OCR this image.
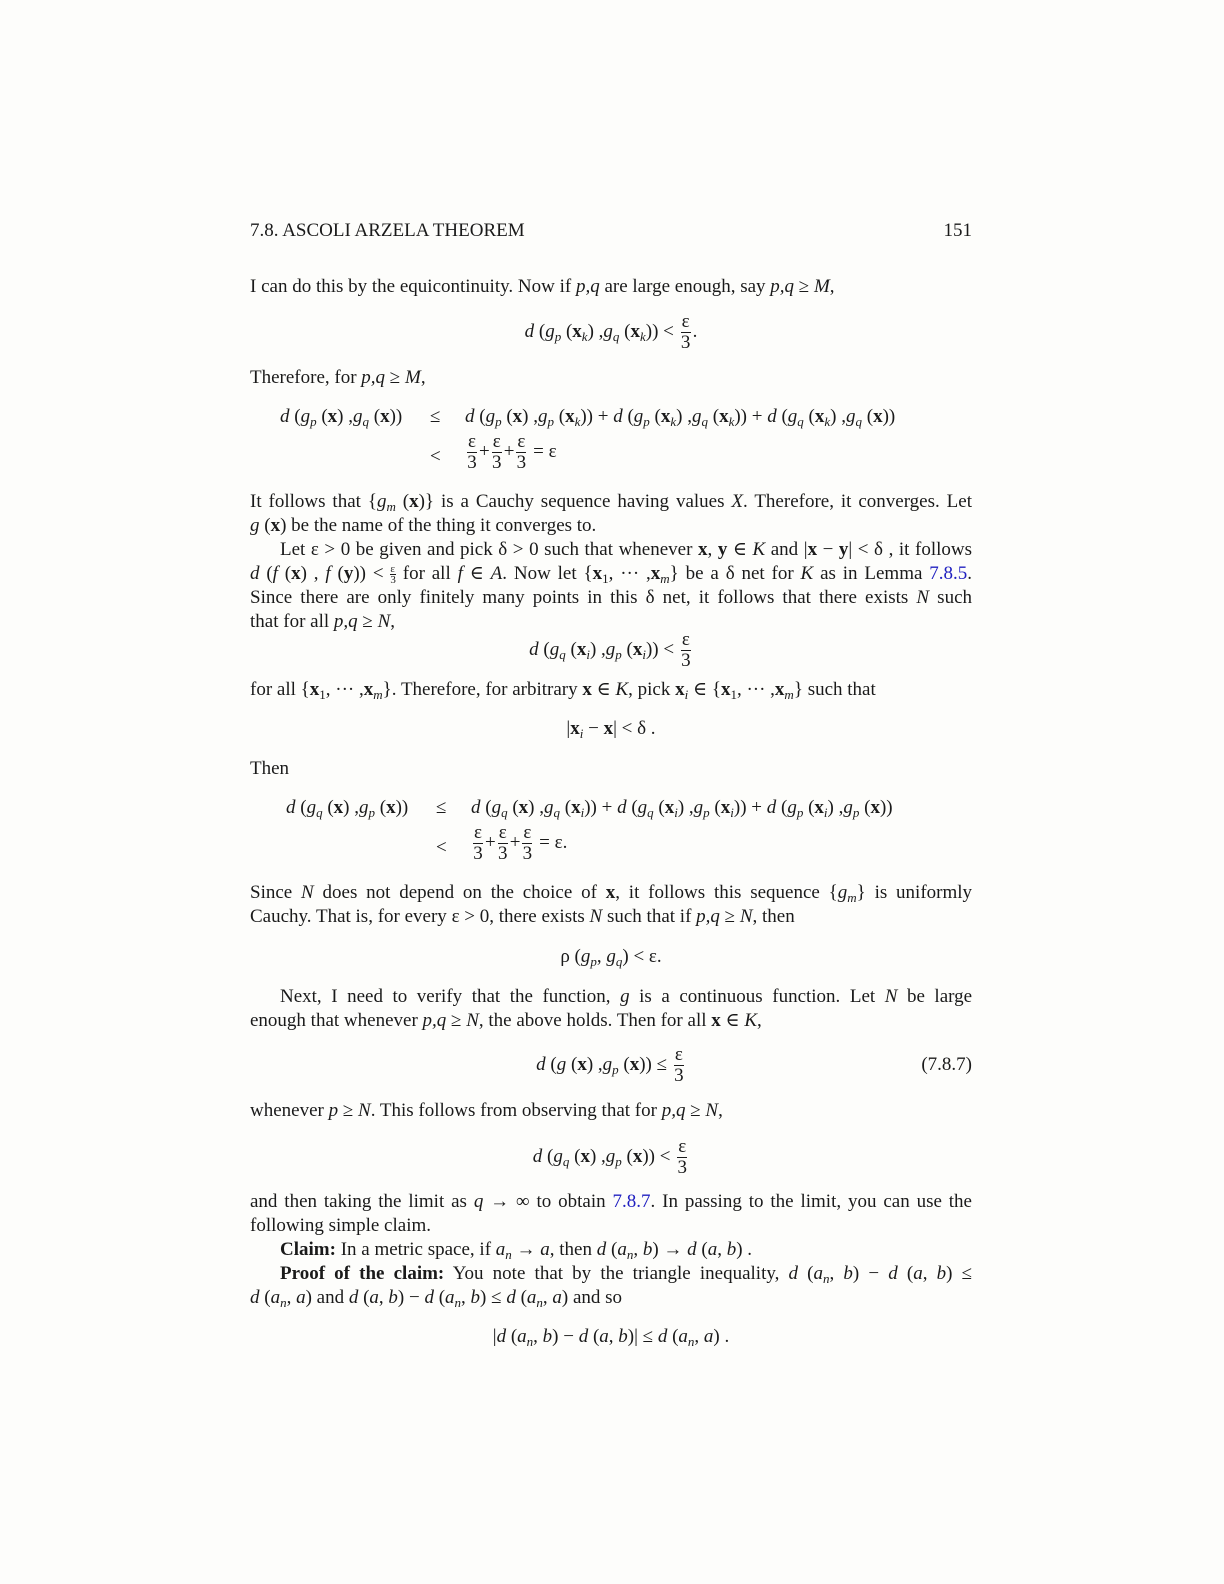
7.8. ASCOLI ARZELA THEOREM	151
I can do this by the equicontinuity. Now if p,q are large enough, say p,q ≥ M,
d ($g_p$ $(x_k)$ $,g_q$ $(x_k)) < \frac{\varepsilon}{3}$ .
Therefore, for p,q ≥ M,
d ($g_p$ (x) $,g_q$ (x)) ≤ d ($g_p$ (x) $,g_p$ $(x_k)) + d$ ($g_p$ $(x_k)$ $,g_q$ $(x_k)) + d$ ($g_q$ $(x_k)$ $,g_q$ (x))
< $\frac{\varepsilon}{3} + \frac{\varepsilon}{3} + \frac{\varepsilon}{3} = \varepsilon$
It follows that {$g_m$ (x)} is a Cauchy sequence having values X. Therefore, it converges. Let
g (x) be the name of the thing it converges to.
Let ε > 0 be given and pick δ > 0 such that whenever x, y ∈ K and |x − y| < δ , it follows
d (f (x) , f $(y)) < \frac{\varepsilon}{3}$ for all f ∈ A. Now let {$x_1$, ··· $,x_m$} be a δ net for K as in Lemma 7.8.5.
Since there are only finitely many points in this δ net, it follows that there exists N such
that for all p,q ≥ N,
d ($g_q$ $(x_i)$ $,g_p$ $(x_i)) < \frac{\varepsilon}{3}$
for all {$x_1$, ··· $,x_m$}. Therefore, for arbitrary x ∈ K, pick $x_i$ ∈ {$x_1$, ··· $,x_m$} such that
$|x_i - x| < \delta$ .
Then
d ($g_q$ (x) $,g_p$ (x)) ≤ d ($g_q$ (x) $,g_q$ $(x_i)) + d$ ($g_q$ $(x_i)$ $,g_p$ $(x_i)) + d$ ($g_p$ $(x_i)$ $,g_p$ (x))
< $\frac{\varepsilon}{3} + \frac{\varepsilon}{3} + \frac{\varepsilon}{3} = \varepsilon$.
Since N does not depend on the choice of x, it follows this sequence $\{g_m\}$ is uniformly
Cauchy. That is, for every ε > 0, there exists N such that if p,q ≥ N, then
ρ ($g_p$, $g_q) < \varepsilon$.
Next, I need to verify that the function, g is a continuous function. Let N be large
enough that whenever p,q ≥ N, the above holds. Then for all x ∈ K,
d (g (x) $,g_p$ $(x)) \le \frac{\varepsilon}{3}$	(7.8.7)
whenever p ≥ N. This follows from observing that for p,q ≥ N,
d ($g_q$ (x) $,g_p$ $(x)) < \frac{\varepsilon}{3}$
and then taking the limit as q → ∞ to obtain 7.8.7. In passing to the limit, you can use the
following simple claim.
Claim: In a metric space, if $a_n \to a$, then d ($a_n$, b) → d (a, b) .
Proof of the claim: You note that by the triangle inequality, d ($a_n$, b) − d (a, b) ≤
d ($a_n$, a) and d (a, b) − d ($a_n$, b) ≤ d ($a_n$, a) and so
|d ($a_n$, b) − d (a, b)| ≤ d ($a_n$, a) .
